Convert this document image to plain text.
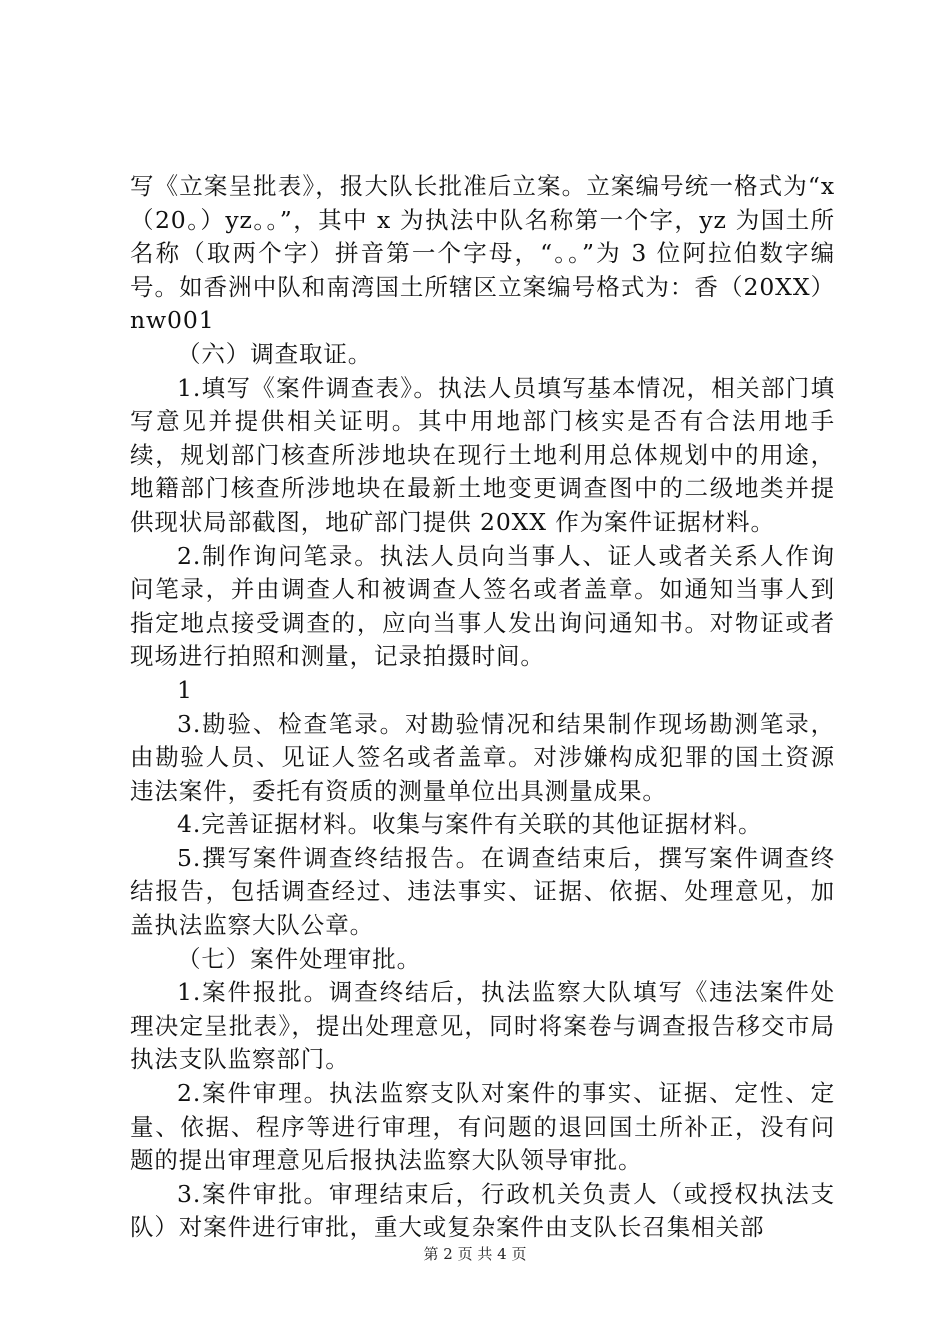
写《立案呈批表》，报大队长批准后立案。立案编号统一格式为“x（20。）yz。。”，其中 x 为执法中队名称第一个字，yz 为国土所名称（取两个字）拼音第一个字母，“。。”为 3 位阿拉伯数字编号。如香洲中队和南湾国土所辖区立案编号格式为：香（20XX）nw001

（六）调查取证。

1.填写《案件调查表》。执法人员填写基本情况，相关部门填写意见并提供相关证明。其中用地部门核实是否有合法用地手续，规划部门核查所涉地块在现行土地利用总体规划中的用途，地籍部门核查所涉地块在最新土地变更调查图中的二级地类并提供现状局部截图，地矿部门提供 20XX 作为案件证据材料。

2.制作询问笔录。执法人员向当事人、证人或者关系人作询问笔录，并由调查人和被调查人签名或者盖章。如通知当事人到指定地点接受调查的，应向当事人发出询问通知书。对物证或者现场进行拍照和测量，记录拍摄时间。

1

3.勘验、检查笔录。对勘验情况和结果制作现场勘测笔录，由勘验人员、见证人签名或者盖章。对涉嫌构成犯罪的国土资源违法案件，委托有资质的测量单位出具测量成果。

4.完善证据材料。收集与案件有关联的其他证据材料。

5.撰写案件调查终结报告。在调查结束后，撰写案件调查终结报告，包括调查经过、违法事实、证据、依据、处理意见，加盖执法监察大队公章。

（七）案件处理审批。

1.案件报批。调查终结后，执法监察大队填写《违法案件处理决定呈批表》，提出处理意见，同时将案卷与调查报告移交市局执法支队监察部门。

2.案件审理。执法监察支队对案件的事实、证据、定性、定量、依据、程序等进行审理，有问题的退回国土所补正，没有问题的提出审理意见后报执法监察大队领导审批。

3.案件审批。审理结束后，行政机关负责人（或授权执法支队）对案件进行审批，重大或复杂案件由支队长召集相关部

第 2 页 共 4 页
